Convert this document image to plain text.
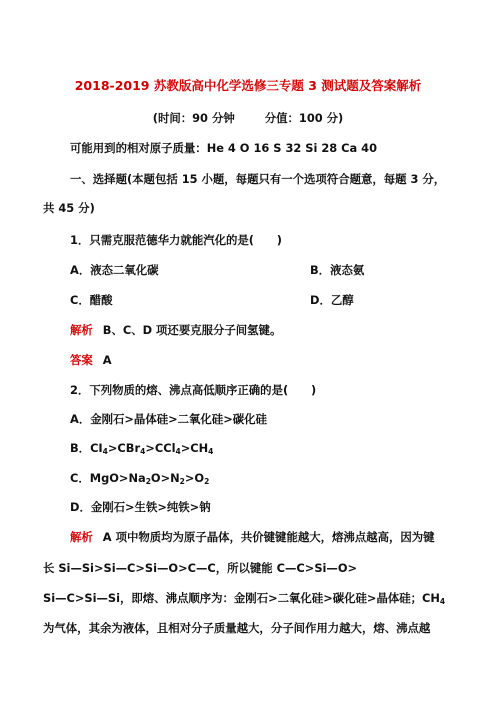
2018-2019 苏教版高中化学选修三专题 3 测试题及答案解析
(时间：90 分钟	分值：100 分)
可能用到的相对原子质量：He 4 O 16 S 32 Si 28 Ca 40
一、选择题(本题包括 15 小题，每题只有一个选项符合题意，每题 3 分，
共 45 分)
1．只需克服范德华力就能汽化的是(　　)
A．液态二氧化碳	B．液态氨
C．醋酸	D．乙醇
解析 B、C、D 项还要克服分子间氢键。
答案 A
2．下列物质的熔、沸点高低顺序正确的是(　　)
A．金刚石>晶体硅>二氧化硅>碳化硅
B．$CI_4>CBr_4>CCl_4>CH_4$
C．$MgO>Na_2O>N_2>O_2$
D．金刚石>生铁>纯铁>钠
解析 A 项中物质均为原子晶体，共价键键能越大，熔沸点越高，因为键
长 Si—Si>Si—C>Si—O>C—C，所以键能 C—C>Si—O>
Si—C>Si—Si，即熔、沸点顺序为：金刚石>二氧化硅>碳化硅>晶体硅；$CH_4$
为气体，其余为液体，且相对分子质量越大，分子间作用力越大，熔、沸点越
